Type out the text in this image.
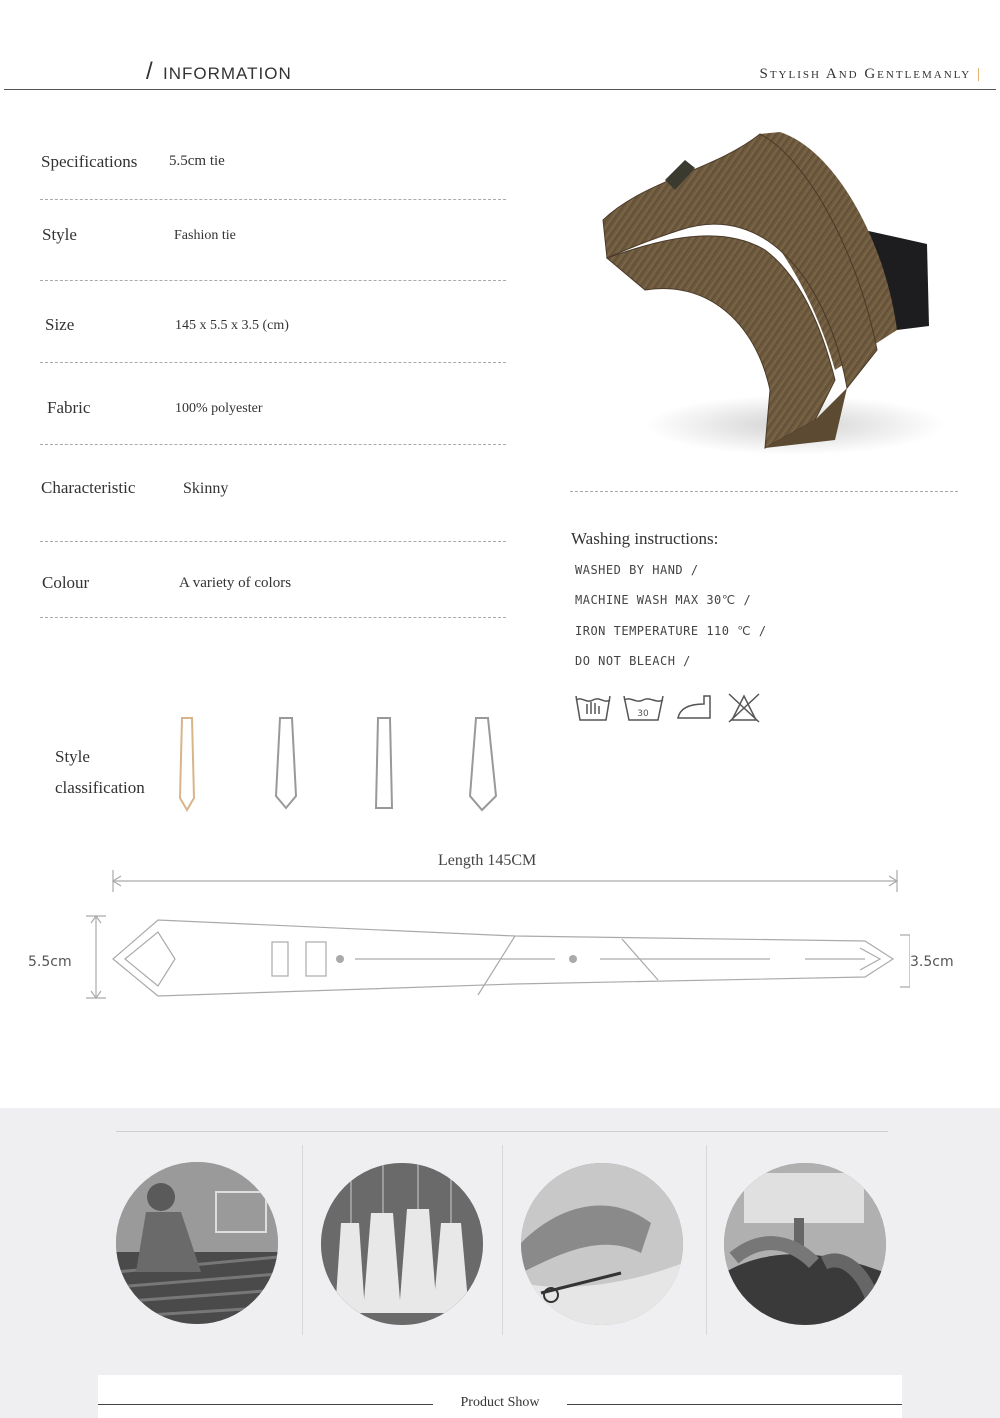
/ INFORMATION	Stylish And Gentlemanly |
Specifications 5.5cm tie
Style	Fashion tie
Size	145 x 5.5 x 3.5 (cm)
Fabric	100% polyester
Characteristic	Skinny
Colour	A variety of colors
Washing instructions:
WASHED BY HAND /
MACHINE WASH MAX 30℃ /
IRON TEMPERATURE 110 ℃ /
DO NOT BLEACH /
30
Style
classification
Length 145CM
5.5cm	3.5cm
Product Show
